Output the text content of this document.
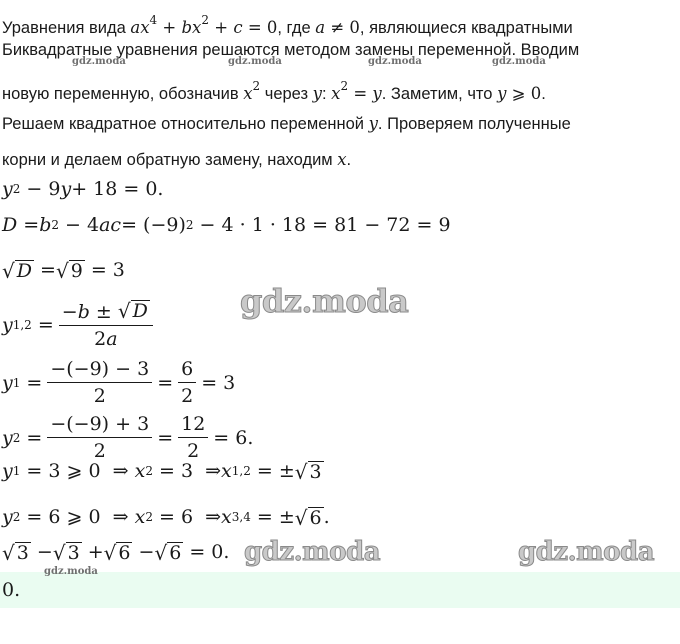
Уравнения вида $ax^4 + bx^2 + c = 0$, где a ≠ 0, являющиеся квадратными
Биквадратные уравнения решаются методом замены переменной. Вводим
новую переменную, обозначив $x^2$ через y: $x^2 = y$. Заметим, что y ⩾ 0.
Решаем квадратное относительно переменной y. Проверяем полученные
корни и делаем обратную замену, находим x.
y 2 − 9 y + 18 = 0.
D = b 2 − 4 ac = (−9) 2 − 4 · 1 · 18 = 81 − 72 = 9
√ D = √ 9 = 3
y $1,2 = \frac{-b \pm √ D}{2a}$
y $1 = \frac{-(-9) - 3}{2} = \frac{6}{2} = 3$
y $2 = \frac{-(-9) + 3}{2} = \frac{12}{2} = 6$.
y 1 = 3 ⩾ 0  ⇒ x 2 = 3  ⇒ x 1,2 = ± √ 3
y 2 = 6 ⩾ 0  ⇒ x 2 = 6  ⇒ x 3,4 = ± √ 6 .
√ 3 − √ 3 + √ 6 − √ 6 = 0.
0.
gdz.moda	gdz.moda	gdz.moda	gdz.moda
gdz.moda
gdz.moda
gdz.moda	gdz.moda
